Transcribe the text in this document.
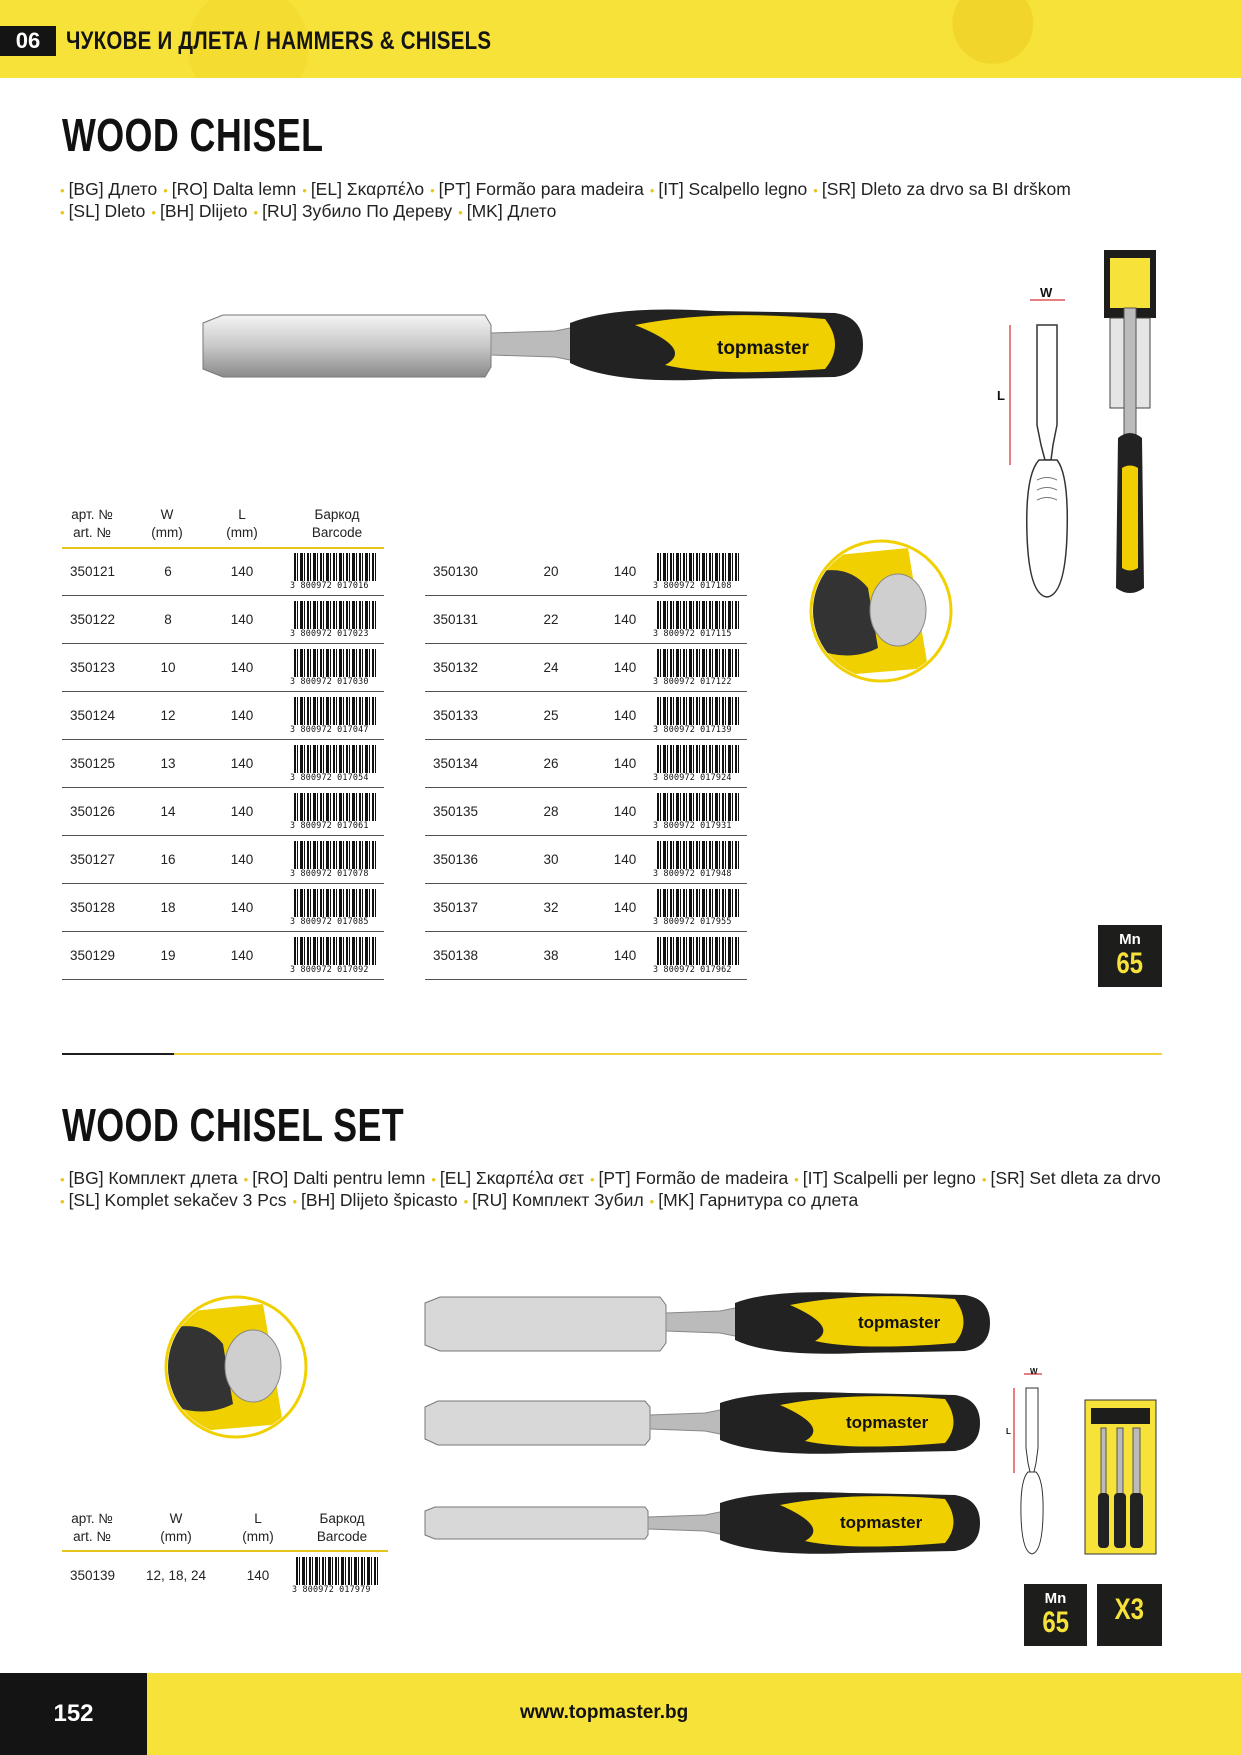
06	ЧУКОВЕ И ДЛЕТА / HAMMERS & CHISELS
WOOD CHISEL
• [BG] Длето • [RO] Dalta lemn • [EL] Σκαρπέλο • [PT] Formão para madeira • [IT] Scalpello legno • [SR] Dleto za drvo sa BI drškom
• [SL] Dleto • [BH] Dlijeto • [RU] Зубило По Дереву • [MK] Длето
topmaster
W
L
арт. №
art. №
W
(mm)
L
(mm)
Баркод
Barcode
350121	6	140
3 800972 017016
350122	8	140
3 800972 017023
350123	10	140
3 800972 017030
350124	12	140
3 800972 017047
350125	13	140
3 800972 017054
350126	14	140
3 800972 017061
350127	16	140
3 800972 017078
350128	18	140
3 800972 017085
350129	19	140
3 800972 017092
350130	20	140
3 800972 017108
350131	22	140
3 800972 017115
350132	24	140
3 800972 017122
350133	25	140
3 800972 017139
350134	26	140
3 800972 017924
350135	28	140
3 800972 017931
350136	30	140
3 800972 017948
350137	32	140
3 800972 017955
350138	38	140
3 800972 017962
Mn
65
WOOD CHISEL SET
• [BG] Комплект длета • [RO] Dalti pentru lemn • [EL] Σκαρπέλα σετ • [PT] Formão de madeira • [IT] Scalpelli per legno • [SR] Set dleta za drvo
• [SL] Komplet sekačev 3 Pcs • [BH] Dlijeto špicasto • [RU] Комплект Зубил • [MK] Гарнитура со длета
topmaster
topmaster
topmaster
W
L
арт. №
art. №
W
(mm)
L
(mm)
Баркод
Barcode
350139	12, 18, 24	140
3 800972 017979
Mn
65	X3
152	www.topmaster.bg
